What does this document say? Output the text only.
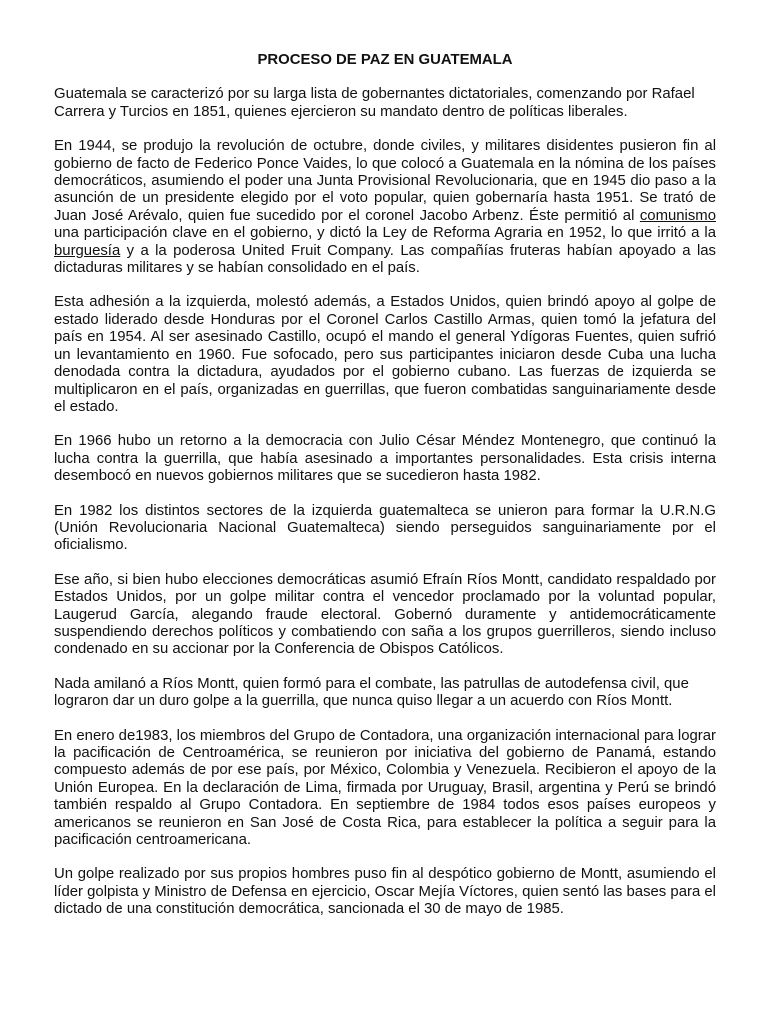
PROCESO DE PAZ EN GUATEMALA

Guatemala se caracterizó por su larga lista de gobernantes dictatoriales, comenzando por Rafael Carrera y Turcios en 1851, quienes ejercieron su mandato dentro de políticas liberales.

En 1944, se produjo la revolución de octubre, donde civiles, y militares disidentes pusieron fin al gobierno de facto de Federico Ponce Vaides, lo que colocó a Guatemala en la nómina de los países democráticos, asumiendo el poder una Junta Provisional Revolucionaria, que en 1945 dio paso a la asunción de un presidente elegido por el voto popular, quien gobernaría hasta 1951. Se trató de Juan José Arévalo, quien fue sucedido por el coronel Jacobo Arbenz. Éste permitió al comunismo una participación clave en el gobierno, y dictó la Ley de Reforma Agraria en 1952, lo que irritó a la burguesía y a la poderosa United Fruit Company. Las compañías fruteras habían apoyado a las dictaduras militares y se habían consolidado en el país.

Esta adhesión a la izquierda, molestó además, a Estados Unidos, quien brindó apoyo al golpe de estado liderado desde Honduras por el Coronel Carlos Castillo Armas, quien tomó la jefatura del país en 1954. Al ser asesinado Castillo, ocupó el mando el general Ydígoras Fuentes, quien sufrió un levantamiento en 1960. Fue sofocado, pero sus participantes iniciaron desde Cuba una lucha denodada contra la dictadura, ayudados por el gobierno cubano. Las fuerzas de izquierda se multiplicaron en el país, organizadas en guerrillas, que fueron combatidas sanguinariamente desde el estado.

En 1966 hubo un retorno a la democracia con Julio César Méndez Montenegro, que continuó la lucha contra la guerrilla, que había asesinado a importantes personalidades. Esta crisis interna desembocó en nuevos gobiernos militares que se sucedieron hasta 1982.

En 1982 los distintos sectores de la izquierda guatemalteca se unieron para formar la U.R.N.G (Unión Revolucionaria Nacional Guatemalteca) siendo perseguidos sanguinariamente por el oficialismo.

Ese año, si bien hubo elecciones democráticas asumió Efraín Ríos Montt, candidato respaldado por Estados Unidos, por un golpe militar contra el vencedor proclamado por la voluntad popular, Laugerud García, alegando fraude electoral. Gobernó duramente y antidemocráticamente suspendiendo derechos políticos y combatiendo con saña a los grupos guerrilleros, siendo incluso condenado en su accionar por la Conferencia de Obispos Católicos.

Nada amilanó a Ríos Montt, quien formó para el combate, las patrullas de autodefensa civil, que lograron dar un duro golpe a la guerrilla, que nunca quiso llegar a un acuerdo con Ríos Montt.

En enero de1983, los miembros del Grupo de Contadora, una organización internacional para lograr la pacificación de Centroamérica, se reunieron por iniciativa del gobierno de Panamá, estando compuesto además de por ese país, por México, Colombia y Venezuela. Recibieron el apoyo de la Unión Europea. En la declaración de Lima, firmada por Uruguay, Brasil, argentina y Perú se brindó también respaldo al Grupo Contadora. En septiembre de 1984 todos esos países europeos y americanos se reunieron en San José de Costa Rica, para establecer la política a seguir para la pacificación centroamericana.

Un golpe realizado por sus propios hombres puso fin al despótico gobierno de Montt, asumiendo el líder golpista y Ministro de Defensa en ejercicio, Oscar Mejía Víctores, quien sentó las bases para el dictado de una constitución democrática, sancionada el 30 de mayo de 1985.
